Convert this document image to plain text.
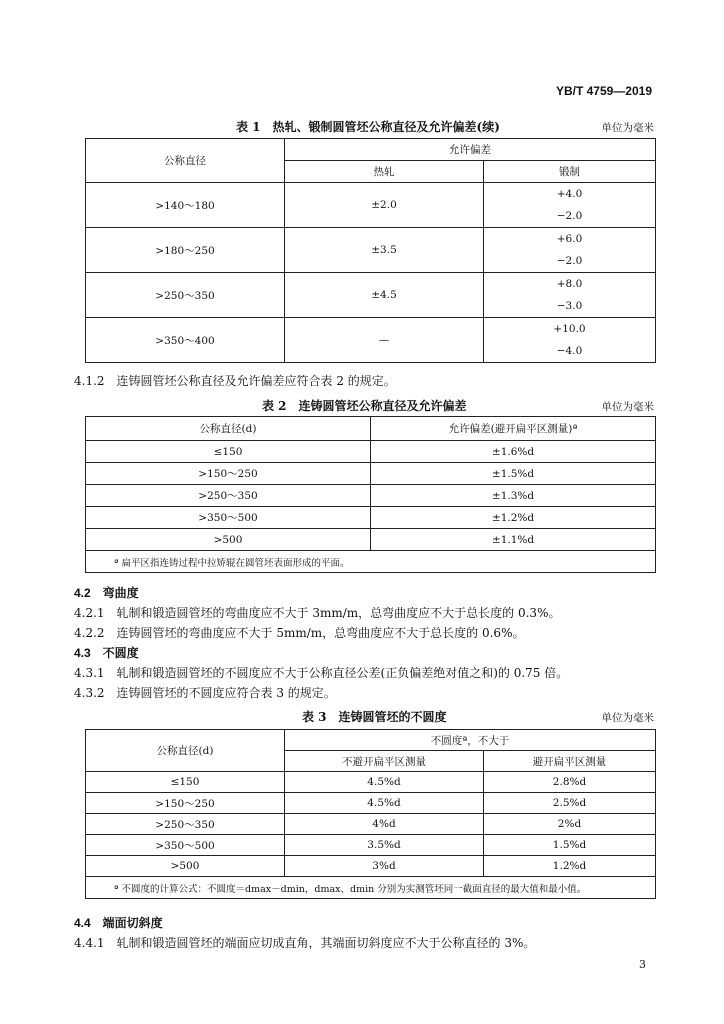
YB/T 4759—2019
表 1　热轧、锻制圆管坯公称直径及允许偏差(续)	单位为毫米
公称直径	允许偏差	
	热轧	锻制
>140～180	±2.0	+4.0
−2.0

>180～250	±3.5	+6.0
−2.0

>250～350	±4.5	+8.0
−3.0

>350～400	—	+10.0
−4.0
4.1.2　连铸圆管坯公称直径及允许偏差应符合表 2 的规定。
表 2　连铸圆管坯公称直径及允许偏差	单位为毫米
公称直径(d)	允许偏差(避开扁平区测量)ª
≤150	±1.6%d
>150～250	±1.5%d
>250～350	±1.3%d
>350～500	±1.2%d
>500	±1.1%d
ª 扁平区指连铸过程中拉矫辊在圆管坯表面形成的平面。	
4.2　弯曲度
4.2.1　轧制和锻造圆管坯的弯曲度应不大于 3mm/m，总弯曲度应不大于总长度的 0.3%。
4.2.2　连铸圆管坯的弯曲度应不大于 5mm/m，总弯曲度应不大于总长度的 0.6%。
4.3　不圆度
4.3.1　轧制和锻造圆管坯的不圆度应不大于公称直径公差(正负偏差绝对值之和)的 0.75 倍。
4.3.2　连铸圆管坯的不圆度应符合表 3 的规定。
表 3　连铸圆管坯的不圆度	单位为毫米
公称直径(d)	不圆度ª，不大于	
	不避开扁平区测量	避开扁平区测量
≤150	4.5%d	2.8%d
>150～250	4.5%d	2.5%d
>250～350	4%d	2%d
>350～500	3.5%d	1.5%d
>500	3%d	1.2%d
ª 不圆度的计算公式：不圆度＝dmax－dmin，dmax、dmin 分别为实测管坯同一截面直径的最大值和最小值。		
4.4　端面切斜度
4.4.1　轧制和锻造圆管坯的端面应切成直角，其端面切斜度应不大于公称直径的 3%。
3
